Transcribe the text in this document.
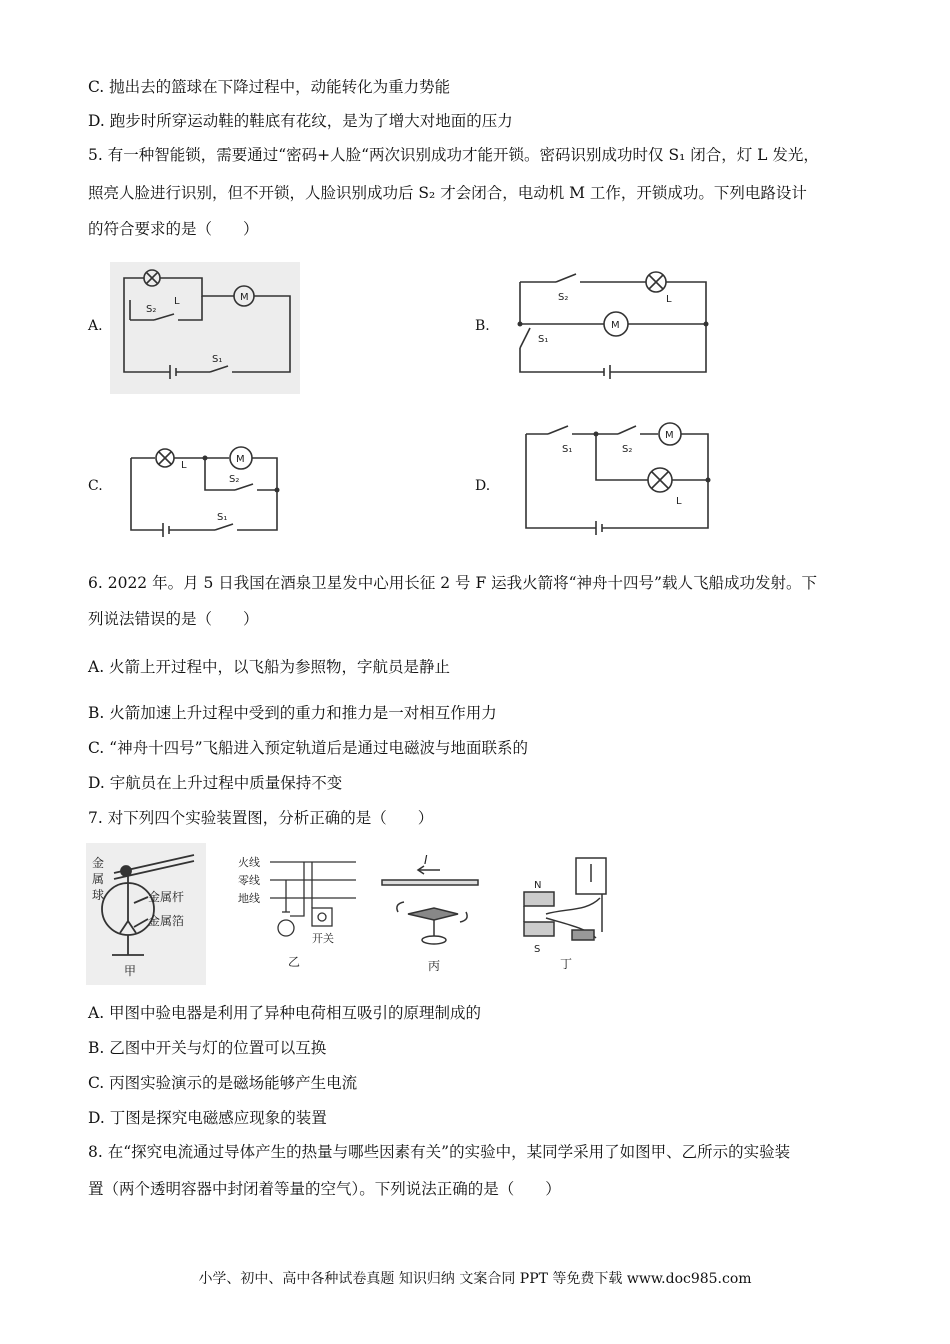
C. 抛出去的篮球在下降过程中，动能转化为重力势能
D. 跑步时所穿运动鞋的鞋底有花纹，是为了增大对地面的压力
5. 有一种智能锁，需要通过“密码+人脸“两次识别成功才能开锁。密码识别成功时仅 S₁ 闭合，灯 L 发光，
照亮人脸进行识别，但不开锁，人脸识别成功后 S₂ 才会闭合，电动机 M 工作，开锁成功。下列电路设计
的符合要求的是（　　）
A.	B.
C.	D.
M
L
S₂
S₁
S₂	L
M
S₁
L
M
S₂
S₁
S₁	S₂
M
L
6. 2022 年。月 5 日我国在酒泉卫星发中心用长征 2 号 F 运我火箭将“神舟十四号”载人飞船成功发射。下
列说法错误的是（　　）
A. 火箭上开过程中，以飞船为参照物，字航员是静止
B. 火箭加速上升过程中受到的重力和推力是一对相互作用力
C. “神舟十四号”飞船进入预定轨道后是通过电磁波与地面联系的
D. 宇航员在上升过程中质量保持不变
7. 对下列四个实验装置图，分析正确的是（　　）
金
属
球	金属杆
金属箔
甲
火线
零线
地线
开关
乙
I
丙
N
S
丁
A. 甲图中验电器是利用了异种电荷相互吸引的原理制成的
B. 乙图中开关与灯的位置可以互换
C. 丙图实验演示的是磁场能够产生电流
D. 丁图是探究电磁感应现象的装置
8. 在“探究电流通过导体产生的热量与哪些因素有关”的实验中，某同学采用了如图甲、乙所示的实验装
置（两个透明容器中封闭着等量的空气）。下列说法正确的是（　　）
小学、初中、高中各种试卷真题 知识归纳 文案合同 PPT 等免费下载 www.doc985.com
